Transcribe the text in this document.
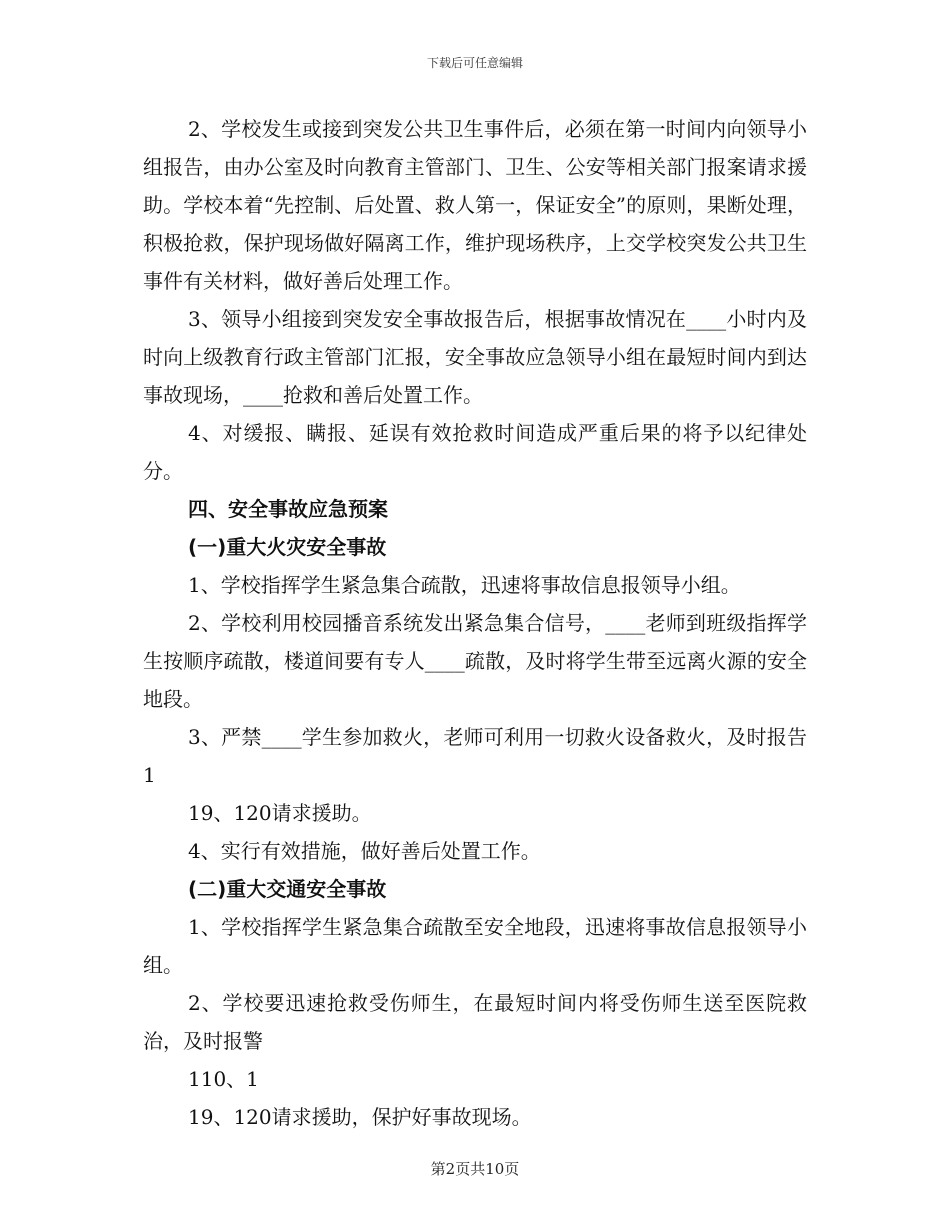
下载后可任意编辑

2、学校发生或接到突发公共卫生事件后，必须在第一时间内向领导小组报告，由办公室及时向教育主管部门、卫生、公安等相关部门报案请求援助。学校本着“先控制、后处置、救人第一，保证安全”的原则，果断处理，积极抢救，保护现场做好隔离工作，维护现场秩序，上交学校突发公共卫生事件有关材料，做好善后处理工作。

3、领导小组接到突发安全事故报告后，根据事故情况在____小时内及时向上级教育行政主管部门汇报，安全事故应急领导小组在最短时间内到达事故现场，____抢救和善后处置工作。

4、对缓报、瞒报、延误有效抢救时间造成严重后果的将予以纪律处分。

四、安全事故应急预案

(一)重大火灾安全事故

1、学校指挥学生紧急集合疏散，迅速将事故信息报领导小组。

2、学校利用校园播音系统发出紧急集合信号，____老师到班级指挥学生按顺序疏散，楼道间要有专人____疏散，及时将学生带至远离火源的安全地段。

3、严禁____学生参加救火，老师可利用一切救火设备救火，及时报告1

19、120请求援助。

4、实行有效措施，做好善后处置工作。

(二)重大交通安全事故

1、学校指挥学生紧急集合疏散至安全地段，迅速将事故信息报领导小组。

2、学校要迅速抢救受伤师生，在最短时间内将受伤师生送至医院救治，及时报警

110、1

19、120请求援助，保护好事故现场。

第2页共10页
